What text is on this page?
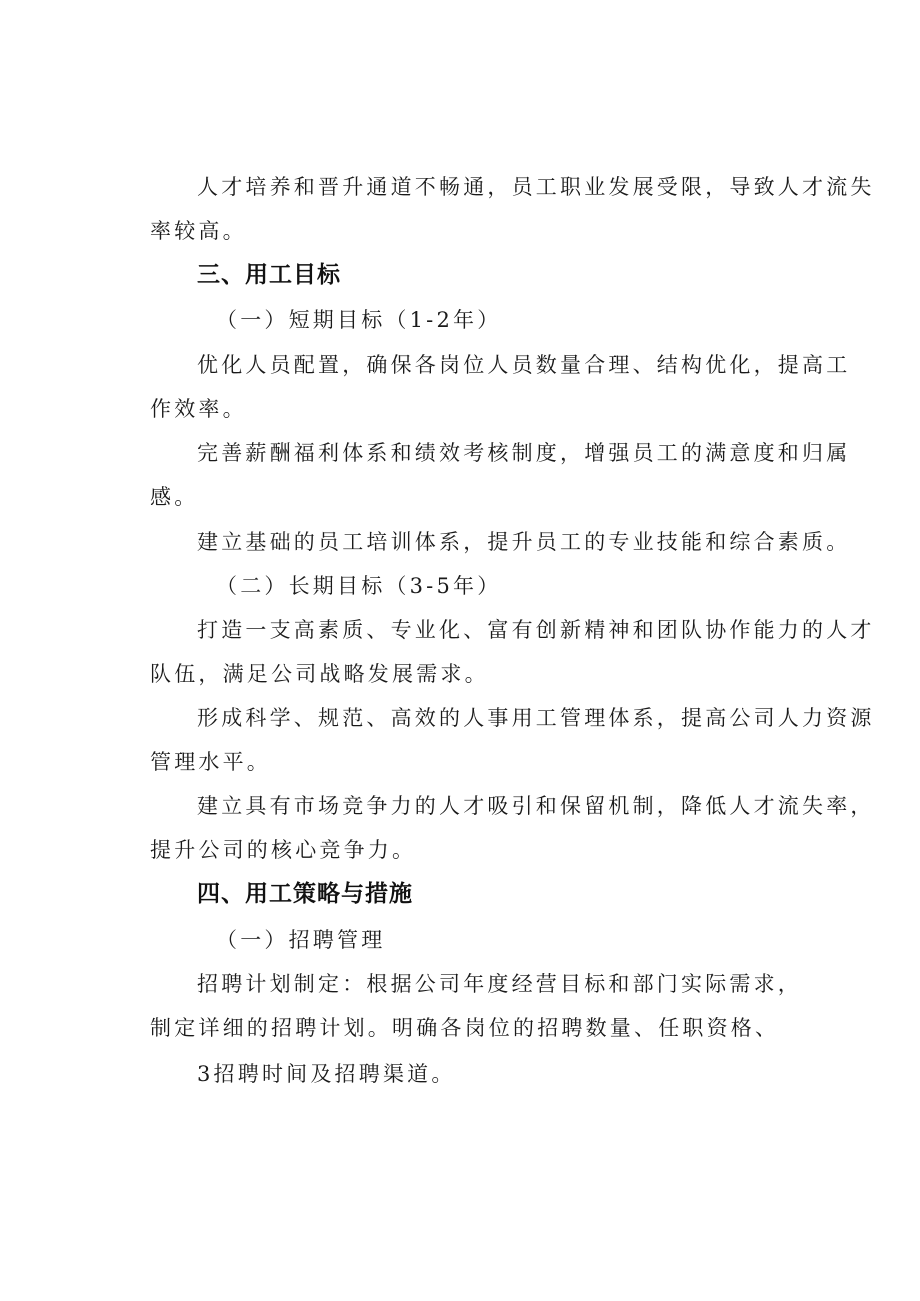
人才培养和晋升通道不畅通，员工职业发展受限，导致人才流失
率较高。
三、用工目标
（一）短期目标（1-2年）
优化人员配置，确保各岗位人员数量合理、结构优化，提高工
作效率。
完善薪酬福利体系和绩效考核制度，增强员工的满意度和归属
感。
建立基础的员工培训体系，提升员工的专业技能和综合素质。
（二）长期目标（3-5年）
打造一支高素质、专业化、富有创新精神和团队协作能力的人才
队伍，满足公司战略发展需求。
形成科学、规范、高效的人事用工管理体系，提高公司人力资源
管理水平。
建立具有市场竞争力的人才吸引和保留机制，降低人才流失率，
提升公司的核心竞争力。
四、用工策略与措施
（一）招聘管理
招聘计划制定：根据公司年度经营目标和部门实际需求，
制定详细的招聘计划。明确各岗位的招聘数量、任职资格、
3招聘时间及招聘渠道。
